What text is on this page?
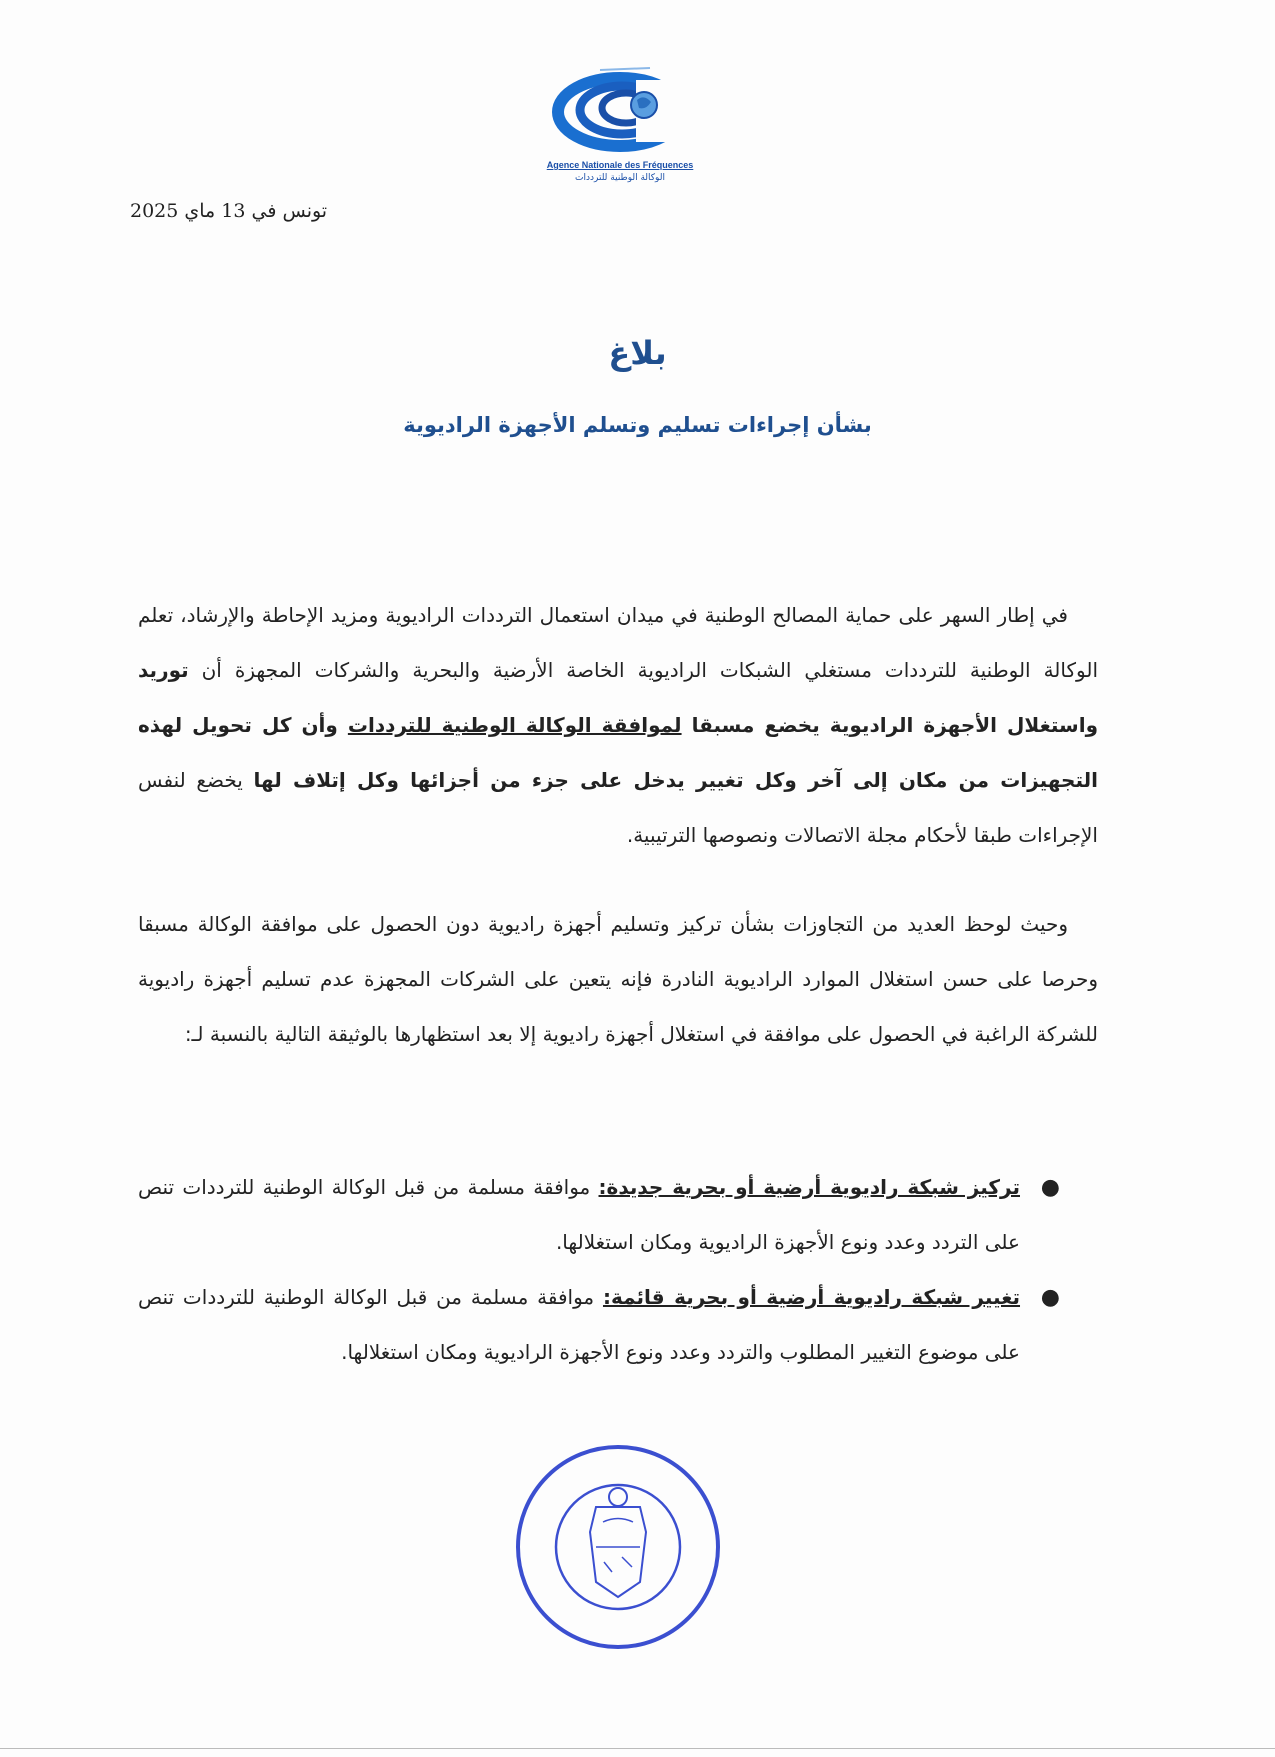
Agence Nationale des Fréquences
الوكالة الوطنية للترددات
تونس في 13 ماي 2025
بلاغ
بشأن إجراءات تسليم وتسلم الأجهزة الراديوية
في إطار السهر على حماية المصالح الوطنية في ميدان استعمال الترددات الراديوية ومزيد الإحاطة والإرشاد، تعلم الوكالة الوطنية للترددات مستغلي الشبكات الراديوية الخاصة الأرضية والبحرية والشركات المجهزة أن توريد واستغلال الأجهزة الراديوية يخضع مسبقا لموافقة الوكالة الوطنية للترددات وأن كل تحويل لهذه التجهيزات من مكان إلى آخر وكل تغيير يدخل على جزء من أجزائها وكل إتلاف لها يخضع لنفس الإجراءات طبقا لأحكام مجلة الاتصالات ونصوصها الترتيبية.
وحيث لوحظ العديد من التجاوزات بشأن تركيز وتسليم أجهزة راديوية دون الحصول على موافقة الوكالة مسبقا وحرصا على حسن استغلال الموارد الراديوية النادرة فإنه يتعين على الشركات المجهزة عدم تسليم أجهزة راديوية للشركة الراغبة في الحصول على موافقة في استغلال أجهزة راديوية إلا بعد استظهارها بالوثيقة التالية بالنسبة لـ:
●
تركيز شبكة راديوية أرضية أو بحرية جديدة: موافقة مسلمة من قبل الوكالة الوطنية للترددات تنص على التردد وعدد ونوع الأجهزة الراديوية ومكان استغلالها.
●
تغيير شبكة راديوية أرضية أو بحرية قائمة: موافقة مسلمة من قبل الوكالة الوطنية للترددات تنص على موضوع التغيير المطلوب والتردد وعدد ونوع الأجهزة الراديوية ومكان استغلالها.
